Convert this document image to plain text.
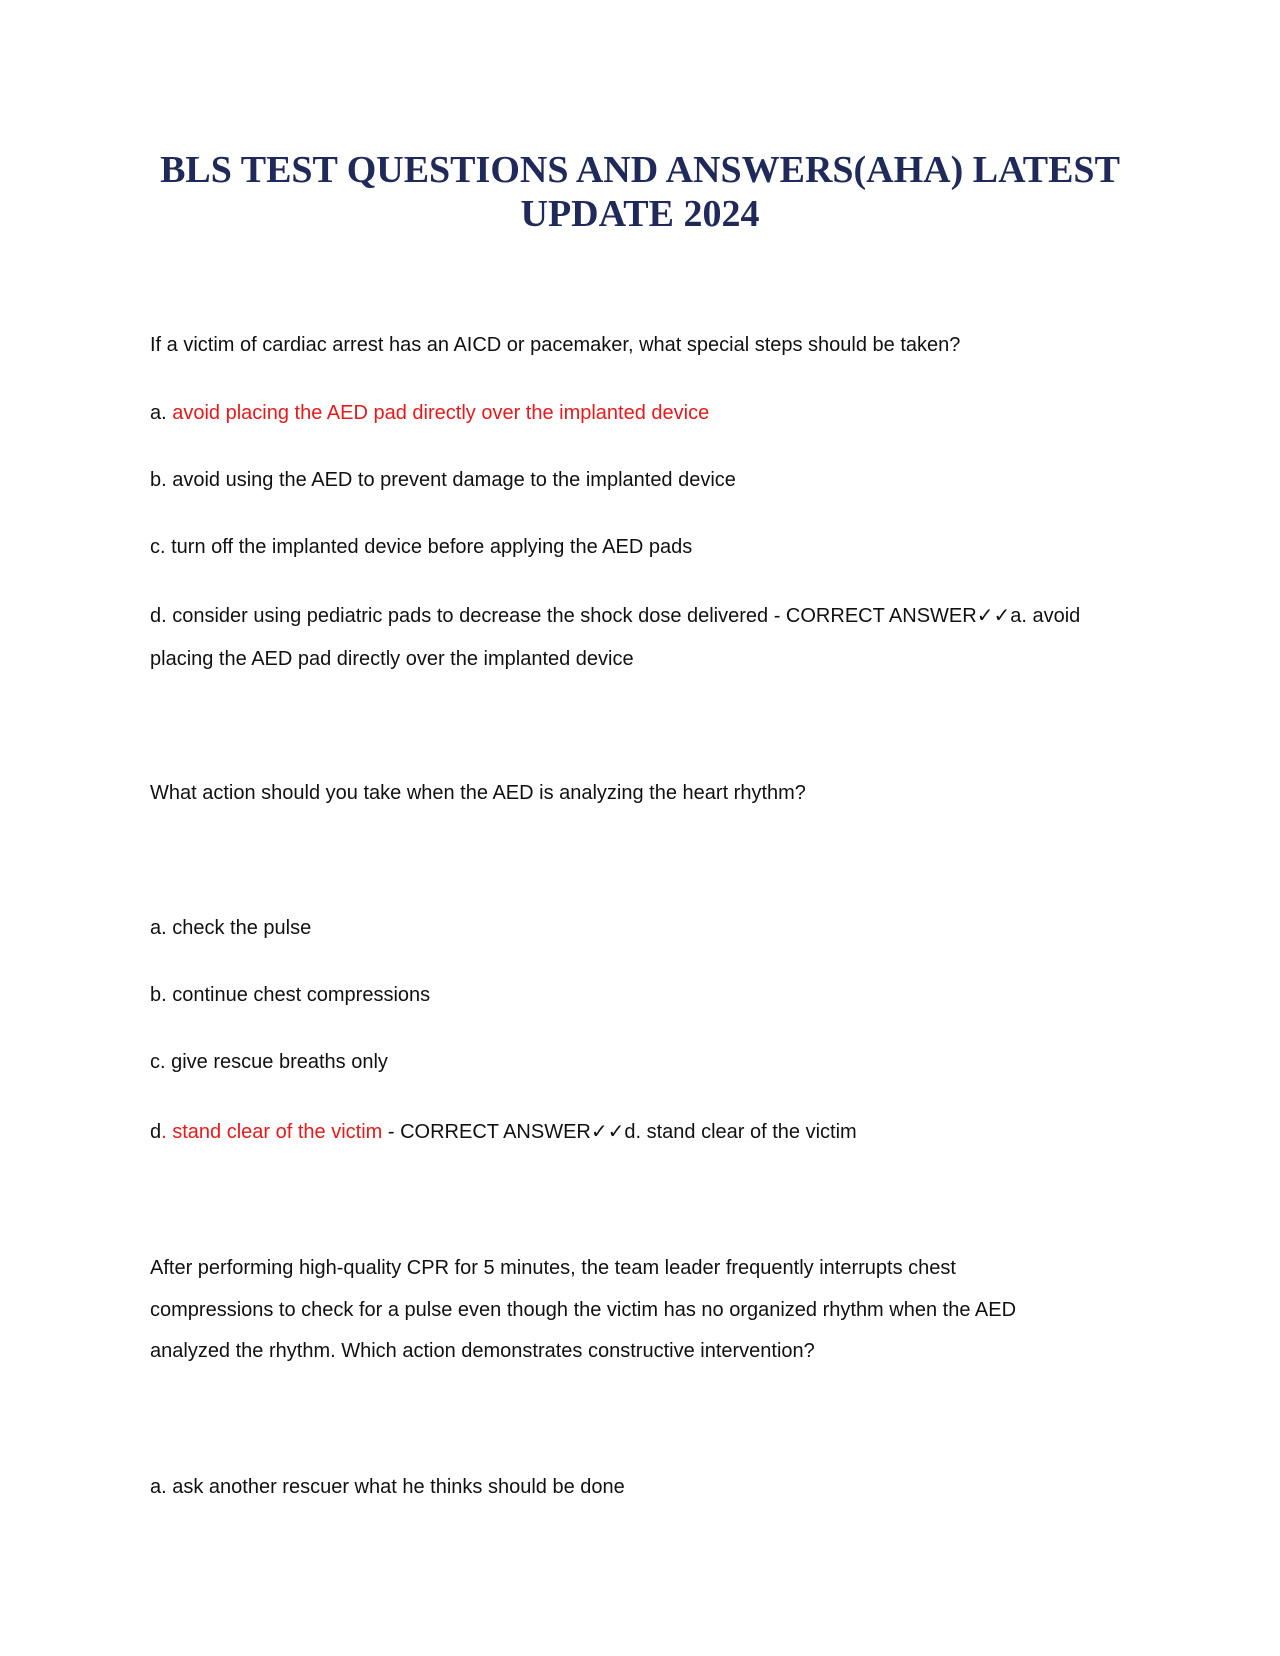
BLS TEST QUESTIONS AND ANSWERS(AHA) LATEST
UPDATE 2024

If a victim of cardiac arrest has an AICD or pacemaker, what special steps should be taken?

a. avoid placing the AED pad directly over the implanted device

b. avoid using the AED to prevent damage to the implanted device

c. turn off the implanted device before applying the AED pads

d. consider using pediatric pads to decrease the shock dose delivered - CORRECT ANSWER✓✓a. avoid

placing the AED pad directly over the implanted device

What action should you take when the AED is analyzing the heart rhythm?

a. check the pulse

b. continue chest compressions

c. give rescue breaths only

d. stand clear of the victim - CORRECT ANSWER✓✓d. stand clear of the victim

After performing high-quality CPR for 5 minutes, the team leader frequently interrupts chest

compressions to check for a pulse even though the victim has no organized rhythm when the AED

analyzed the rhythm. Which action demonstrates constructive intervention?

a. ask another rescuer what he thinks should be done
